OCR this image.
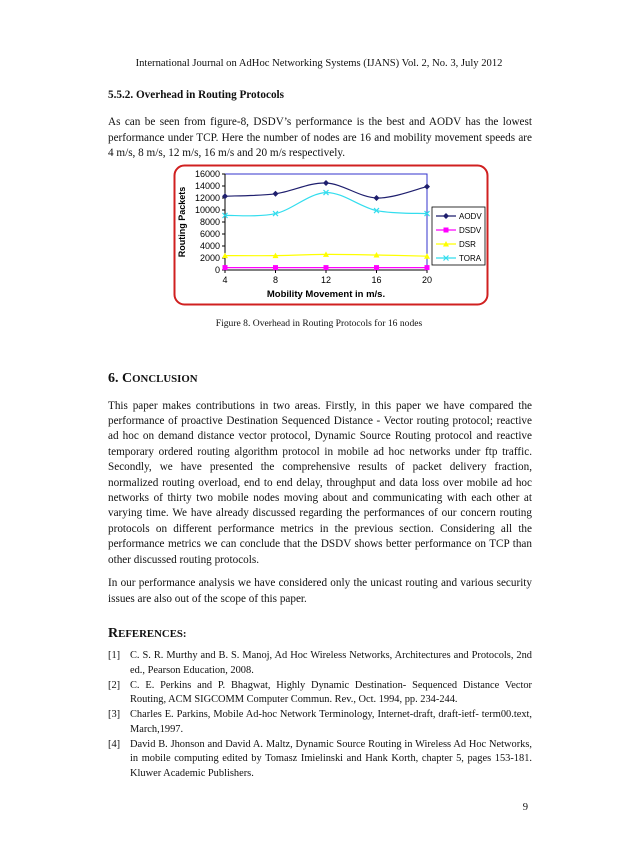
International Journal on AdHoc Networking Systems (IJANS) Vol. 2, No. 3, July 2012
5.5.2. Overhead in Routing Protocols
As can be seen from figure-8, DSDV’s performance is the best and AODV has the lowest performance under TCP. Here the number of nodes are 16 and mobility movement speeds are 4 m/s, 8 m/s, 12 m/s, 16 m/s and 20 m/s respectively.
0
2000
4000
6000
8000
10000
12000
14000
16000
4	8	12	16	20
Mobility Movement in m/s.
Routing Packets	AODV
DSDV
DSR
TORA
Figure 8. Overhead in Routing Protocols for 16 nodes
6. CONCLUSION
This paper makes contributions in two areas. Firstly, in this paper we have compared the performance of proactive Destination Sequenced Distance - Vector routing protocol; reactive ad hoc on demand distance vector protocol, Dynamic Source Routing protocol and reactive temporary ordered routing algorithm protocol in mobile ad hoc networks under ftp traffic. Secondly, we have presented the comprehensive results of packet delivery fraction, normalized routing overload, end to end delay, throughput and data loss over mobile ad hoc networks of thirty two mobile nodes moving about and communicating with each other at varying time. We have already discussed regarding the performances of our concern routing protocols on different performance metrics in the previous section. Considering all the performance metrics we can conclude that the DSDV shows better performance on TCP than other discussed routing protocols.
In our performance analysis we have considered only the unicast routing and various security issues are also out of the scope of this paper.
REFERENCES:
[1] C. S. R. Murthy and B. S. Manoj, Ad Hoc Wireless Networks, Architectures and Protocols, 2nd ed., Pearson Education, 2008.
[2] C. E. Perkins and P. Bhagwat, Highly Dynamic Destination- Sequenced Distance Vector Routing, ACM SIGCOMM Computer Commun. Rev., Oct. 1994, pp. 234-244.
[3] Charles E. Parkins, Mobile Ad-hoc Network Terminology, Internet-draft, draft-ietf- term00.text, March,1997.
[4] David B. Jhonson and David A. Maltz, Dynamic Source Routing in Wireless Ad Hoc Networks, in mobile computing edited by Tomasz Imielinski and Hank Korth, chapter 5, pages 153-181. Kluwer Academic Publishers.
9
